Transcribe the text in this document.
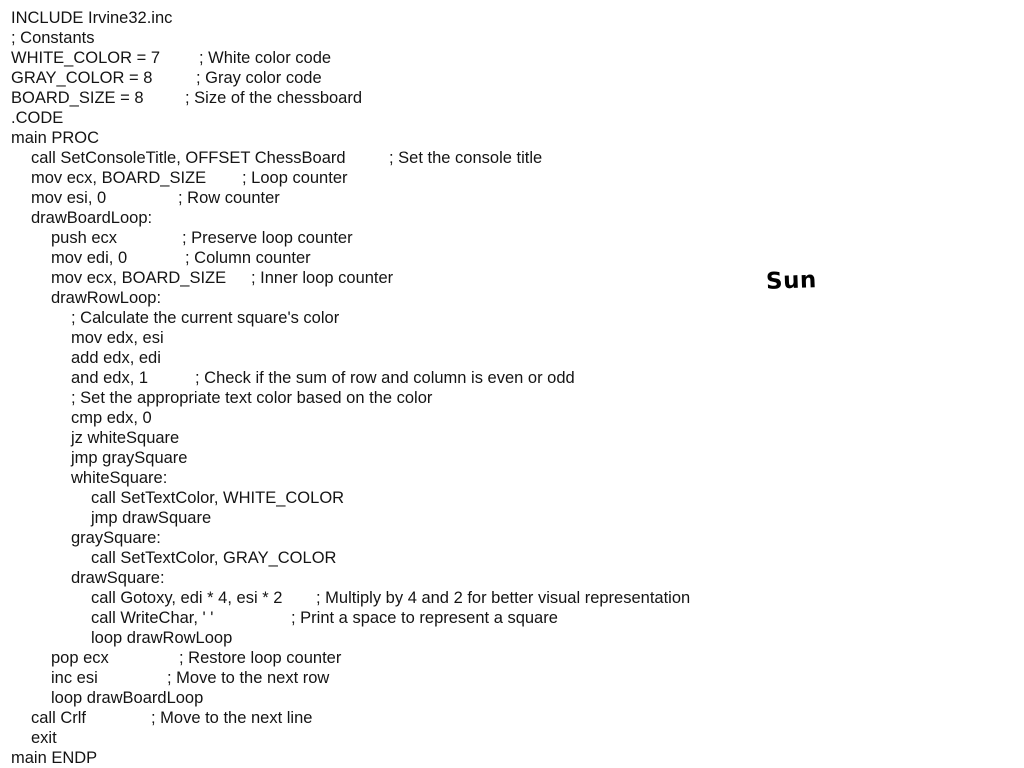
INCLUDE Irvine32.inc
; Constants
WHITE_COLOR = 7 ; White color code
GRAY_COLOR = 8	; Gray color code
BOARD_SIZE = 8	; Size of the chessboard
.CODE
main PROC
call SetConsoleTitle, OFFSET ChessBoard	; Set the console title
mov ecx, BOARD_SIZE ; Loop counter
mov esi, 0	; Row counter
drawBoardLoop:
push ecx	; Preserve loop counter
mov edi, 0	; Column counter
mov ecx, BOARD_SIZE ; Inner loop counter
drawRowLoop:
; Calculate the current square's color
mov edx, esi
add edx, edi
and edx, 1	; Check if the sum of row and column is even or odd
; Set the appropriate text color based on the color
cmp edx, 0
jz whiteSquare
jmp graySquare
whiteSquare:
call SetTextColor, WHITE_COLOR
jmp drawSquare
graySquare:
call SetTextColor, GRAY_COLOR
drawSquare:
call Gotoxy, edi * 4, esi * 2 ; Multiply by 4 and 2 for better visual representation
call WriteChar, ' '	; Print a space to represent a square
loop drawRowLoop
pop ecx	; Restore loop counter
inc esi	; Move to the next row
loop drawBoardLoop
call Crlf	; Move to the next line
exit
main ENDP
Sun
